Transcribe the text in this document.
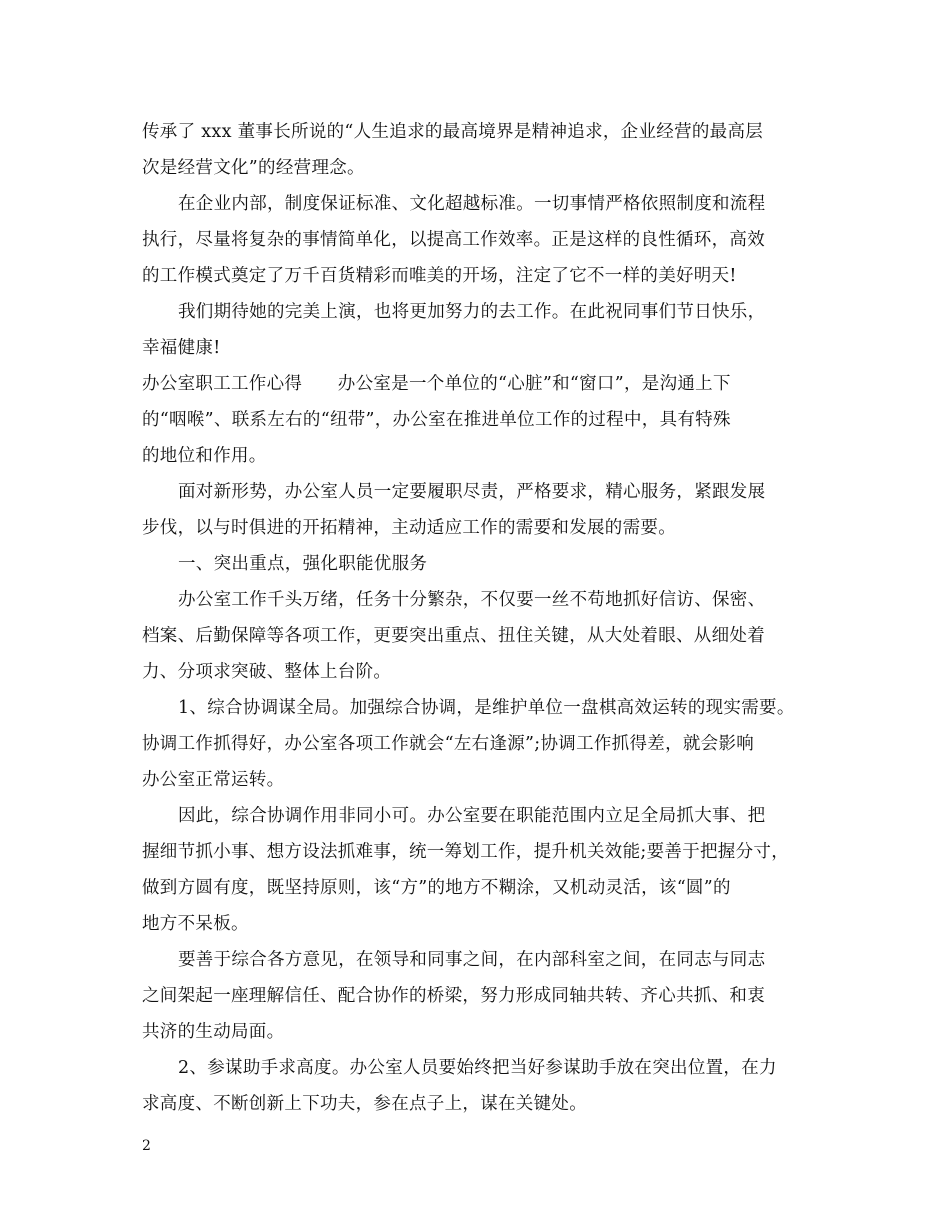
传承了 xxx 董事长所说的“人生追求的最高境界是精神追求，企业经营的最高层
次是经营文化”的经营理念。
在企业内部，制度保证标准、文化超越标准。一切事情严格依照制度和流程
执行，尽量将复杂的事情简单化，以提高工作效率。正是这样的良性循环，高效
的工作模式奠定了万千百货精彩而唯美的开场，注定了它不一样的美好明天!
我们期待她的完美上演，也将更加努力的去工作。在此祝同事们节日快乐，
幸福健康!
办公室职工工作心得　　办公室是一个单位的“心脏”和“窗口”，是沟通上下
的“咽喉”、联系左右的“纽带”，办公室在推进单位工作的过程中，具有特殊
的地位和作用。
面对新形势，办公室人员一定要履职尽责，严格要求，精心服务，紧跟发展
步伐，以与时俱进的开拓精神，主动适应工作的需要和发展的需要。
一、突出重点，强化职能优服务
办公室工作千头万绪，任务十分繁杂，不仅要一丝不苟地抓好信访、保密、
档案、后勤保障等各项工作，更要突出重点、扭住关键，从大处着眼、从细处着
力、分项求突破、整体上台阶。
1、综合协调谋全局。加强综合协调，是维护单位一盘棋高效运转的现实需要。
协调工作抓得好，办公室各项工作就会“左右逢源”;协调工作抓得差，就会影响
办公室正常运转。
因此，综合协调作用非同小可。办公室要在职能范围内立足全局抓大事、把
握细节抓小事、想方设法抓难事，统一筹划工作，提升机关效能;要善于把握分寸，
做到方圆有度，既坚持原则，该“方”的地方不糊涂，又机动灵活，该“圆”的
地方不呆板。
要善于综合各方意见，在领导和同事之间，在内部科室之间，在同志与同志
之间架起一座理解信任、配合协作的桥梁，努力形成同轴共转、齐心共抓、和衷
共济的生动局面。
2、参谋助手求高度。办公室人员要始终把当好参谋助手放在突出位置，在力
求高度、不断创新上下功夫，参在点子上，谋在关键处。
2
